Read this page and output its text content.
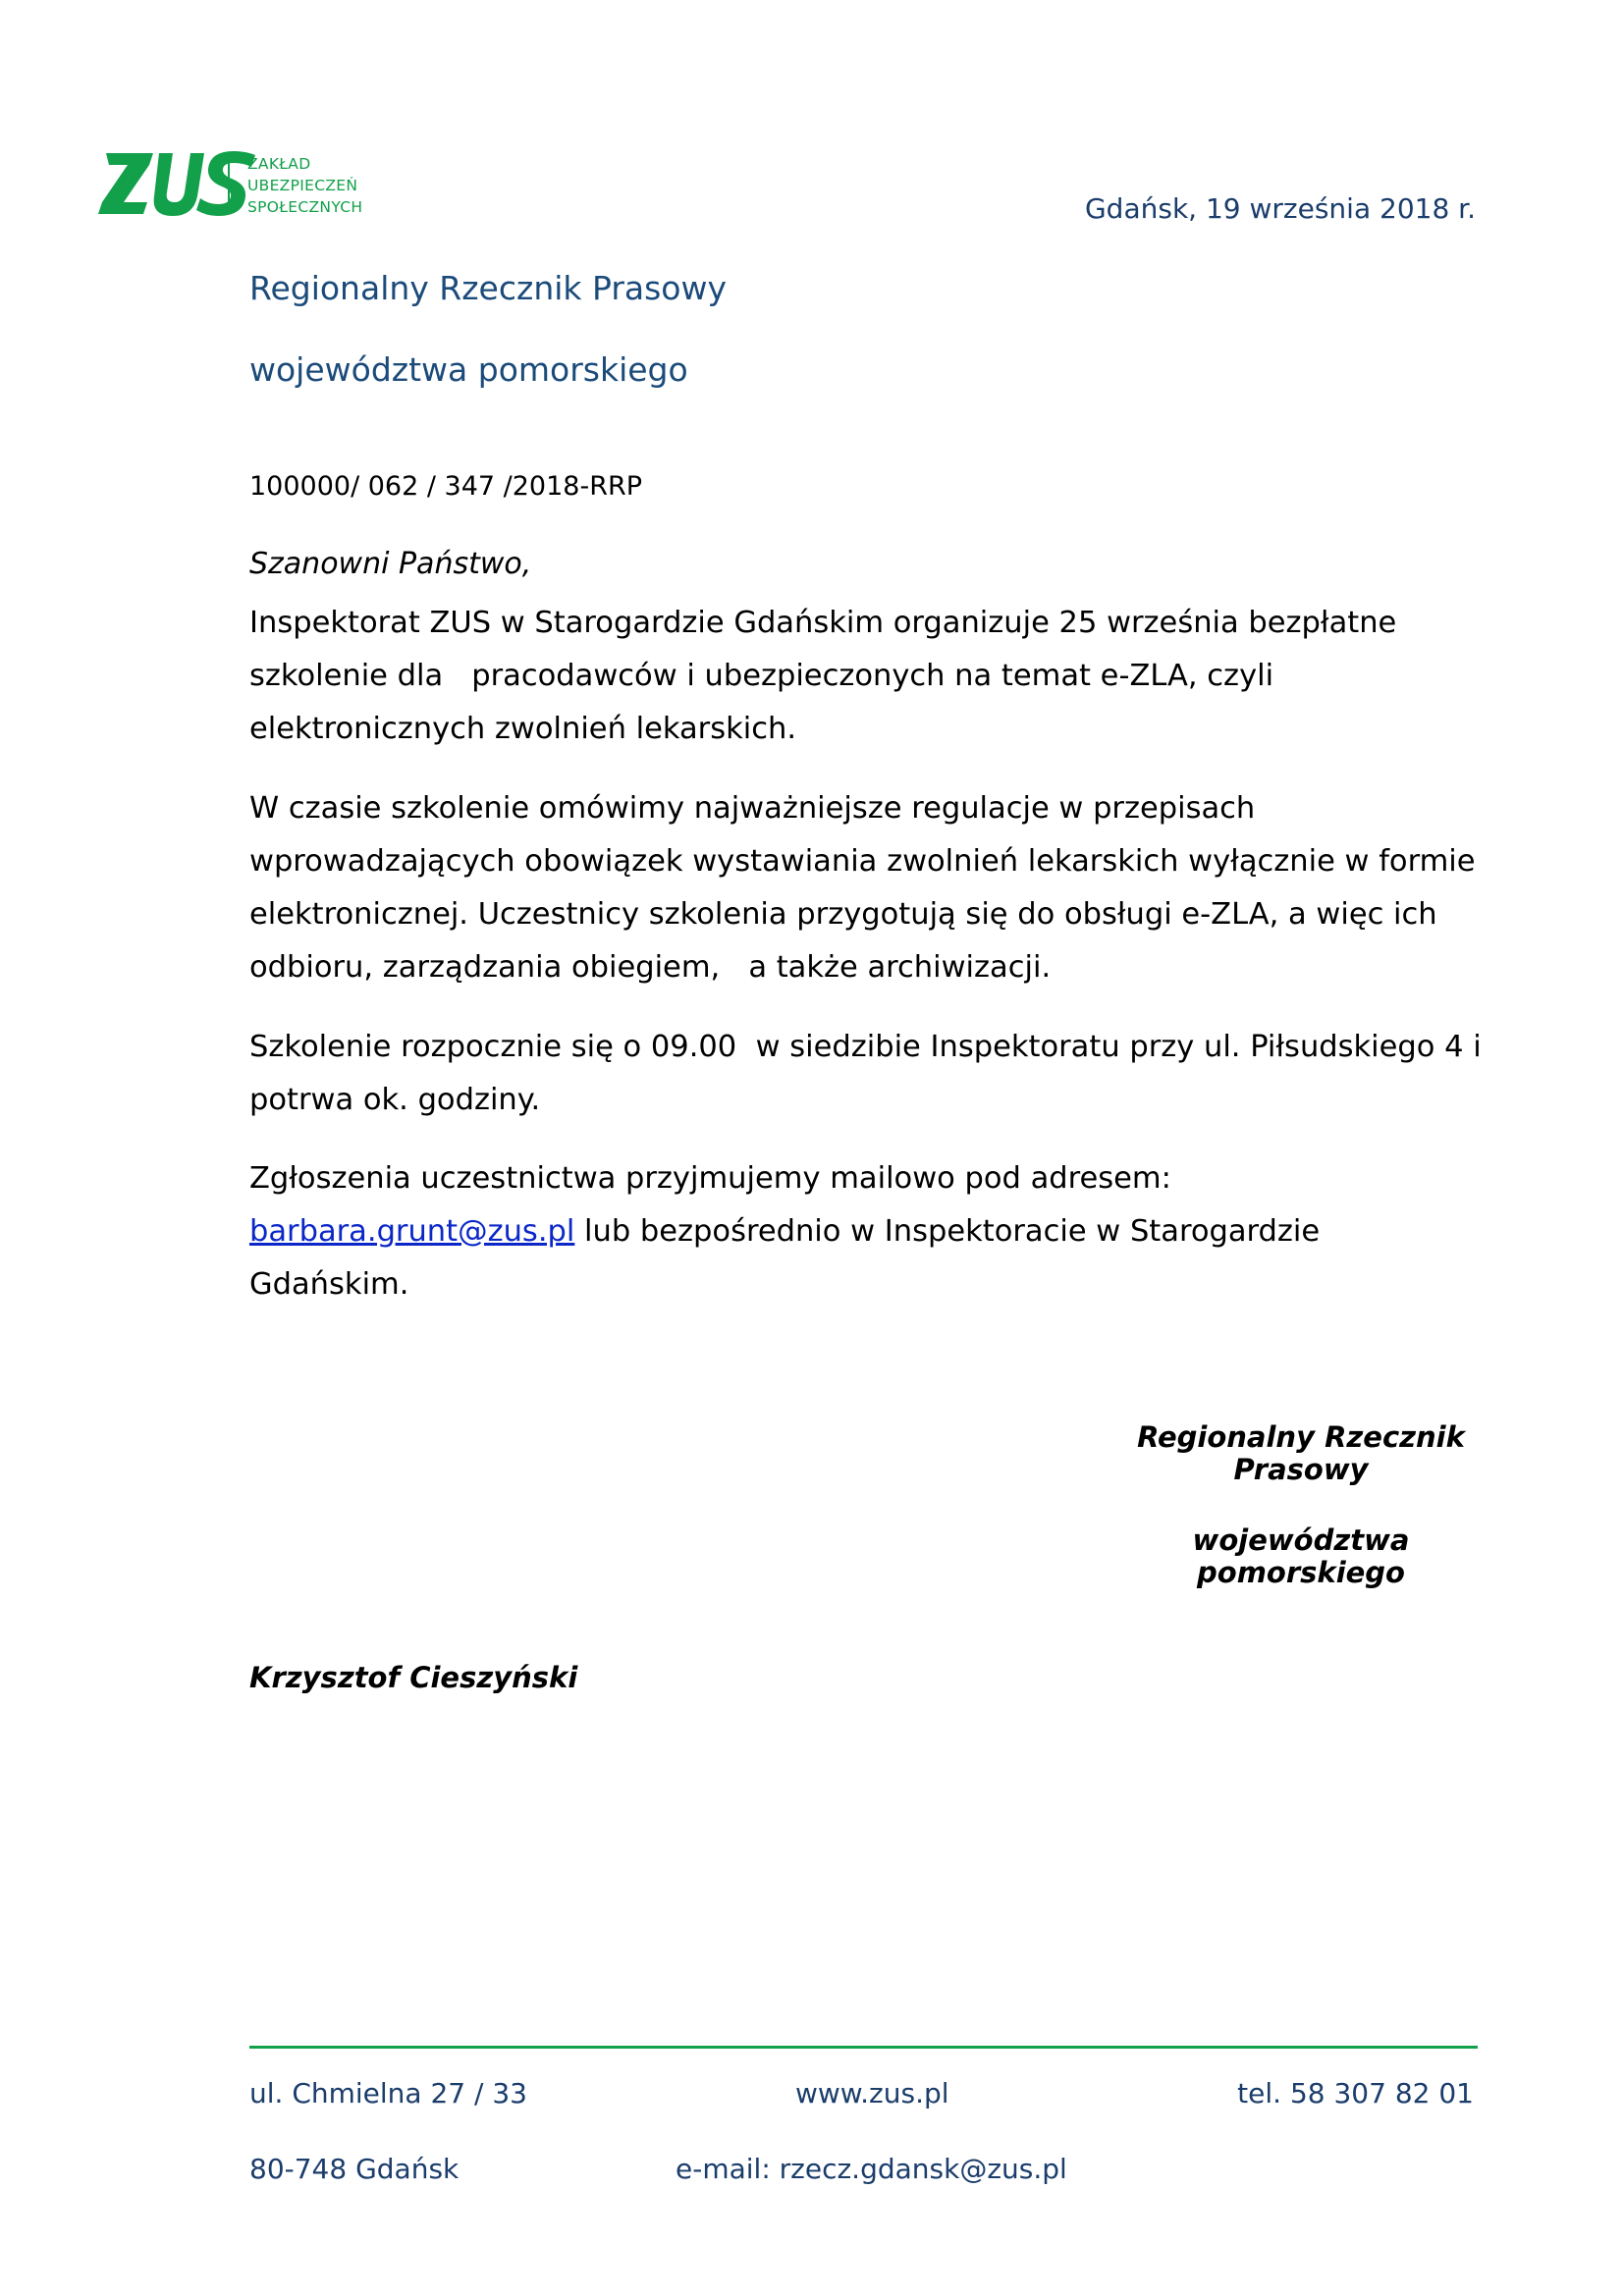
ZAKŁAD
UBEZPIECZEŃ
SPOŁECZNYCH	Gdańsk, 19 września 2018 r.
Regionalny Rzecznik Prasowy
województwa pomorskiego
100000/ 062 / 347 /2018-RRP
Szanowni Państwo,
Inspektorat ZUS w Starogardzie Gdańskim organizuje 25 września bezpłatne szkolenie dla   pracodawców i ubezpieczonych na temat e-ZLA, czyli elektronicznych zwolnień lekarskich.
W czasie szkolenie omówimy najważniejsze regulacje w przepisach wprowadzających obowiązek wystawiania zwolnień lekarskich wyłącznie w formie elektronicznej. Uczestnicy szkolenia przygotują się do obsługi e-ZLA, a więc ich odbioru, zarządzania obiegiem,   a także archiwizacji.
Szkolenie rozpocznie się o 09.00  w siedzibie Inspektoratu przy ul. Piłsudskiego 4 i potrwa ok. godziny.
Zgłoszenia uczestnictwa przyjmujemy mailowo pod adresem: barbara.grunt@zus.pl lub bezpośrednio w Inspektoracie w Starogardzie Gdańskim.
Regionalny Rzecznik
Prasowy
województwa
pomorskiego
Krzysztof Cieszyński
ul. Chmielna 27 / 33	www.zus.pl	tel. 58 307 82 01
80-748 Gdańsk	e-mail: rzecz.gdansk@zus.pl
